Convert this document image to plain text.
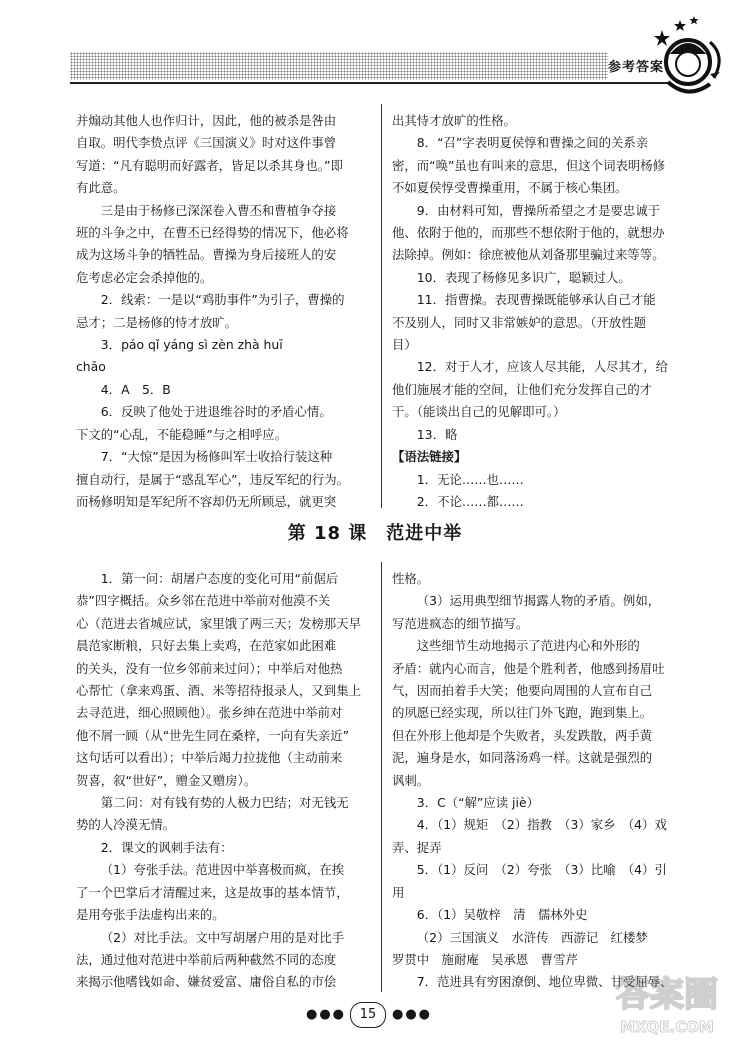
参考答案

并煽动其他人也作归计，因此，他的被杀是咎由

自取。明代李贽点评《三国演义》时对这件事曾

写道：“凡有聪明而好露者，皆足以杀其身也。”即

有此意。

三是由于杨修已深深卷入曹丕和曹植争夺接

班的斗争之中，在曹丕已经得势的情况下，他必将

成为这场斗争的牺牲品。曹操为身后接班人的安

危考虑必定会杀掉他的。

2．线索：一是以“鸡肋事件”为引子，曹操的

忌才；二是杨修的恃才放旷。

3．páo qǐ yáng sì zèn zhà huī

chāo

4．A　5．B

6．反映了他处于进退维谷时的矛盾心情。

下文的“心乱，不能稳睡”与之相呼应。

7．“大惊”是因为杨修叫军士收拾行装这种

擅自动行，是属于“惑乱军心”，违反军纪的行为。

而杨修明知是军纪所不容却仍无所顾忌，就更突

出其恃才放旷的性格。

8．“召”字表明夏侯惇和曹操之间的关系亲

密，而“唤”虽也有叫来的意思，但这个词表明杨修

不如夏侯惇受曹操重用，不属于核心集团。

9．由材料可知，曹操所希望之才是要忠诚于

他、依附于他的，而那些不想依附于他的，就想办

法除掉。例如：徐庶被他从刘备那里骗过来等等。

10．表现了杨修见多识广，聪颖过人。

11．指曹操。表现曹操既能够承认自己才能

不及别人，同时又非常嫉妒的意思。（开放性题

目）

12．对于人才，应该人尽其能，人尽其才，给

他们施展才能的空间，让他们充分发挥自己的才

干。（能谈出自己的见解即可。）

13．略

【语法链接】

1．无论……也……

2．不论……都……

第 18 课　范进中举

1．第一问：胡屠户态度的变化可用“前倨后

恭”四字概括。众乡邻在范进中举前对他漠不关

心（范进去省城应试，家里饿了两三天；发榜那天早

晨范家断粮，只好去集上卖鸡，在范家如此困难

的关头，没有一位乡邻前来过问）；中举后对他热

心帮忙（拿来鸡蛋、酒、米等招待报录人，又到集上

去寻范进，细心照顾他）。张乡绅在范进中举前对

他不屑一顾（从“世先生同在桑梓，一向有失亲近”

这句话可以看出）；中举后竭力拉拢他（主动前来

贺喜，叙“世好”，赠金又赠房）。

第二问：对有钱有势的人极力巴结；对无钱无

势的人冷漠无情。

2．课文的讽刺手法有：

（1）夸张手法。范进因中举喜极而疯，在挨

了一个巴掌后才清醒过来，这是故事的基本情节，

是用夸张手法虚构出来的。

（2）对比手法。文中写胡屠户用的是对比手

法，通过他对范进中举前后两种截然不同的态度

来揭示他嗜钱如命、嫌贫爱富、庸俗自私的市侩

性格。

（3）运用典型细节揭露人物的矛盾。例如，

写范进疯态的细节描写。

这些细节生动地揭示了范进内心和外形的

矛盾：就内心而言，他是个胜利者，他感到扬眉吐

气，因而拍着手大笑；他要向周围的人宣布自己

的夙愿已经实现，所以往门外飞跑，跑到集上。

但在外形上他却是个失败者，头发跌散，两手黄

泥，遍身是水，如同落汤鸡一样。这就是强烈的

讽刺。

3．C（“解”应读 jiè）

4．（1）规矩　（2）指教　（3）家乡　（4）戏

弄、捉弄

5．（1）反问　（2）夸张　（3）比喻　（4）引

用

6．（1）吴敬梓　清　儒林外史

（2）三国演义　水浒传　西游记　红楼梦

罗贯中　施耐庵　吴承恩　曹雪芹

7．范进具有穷困潦倒、地位卑微、甘受屈辱、

●●●	15	●●●	答案圈
MXQE.COM
